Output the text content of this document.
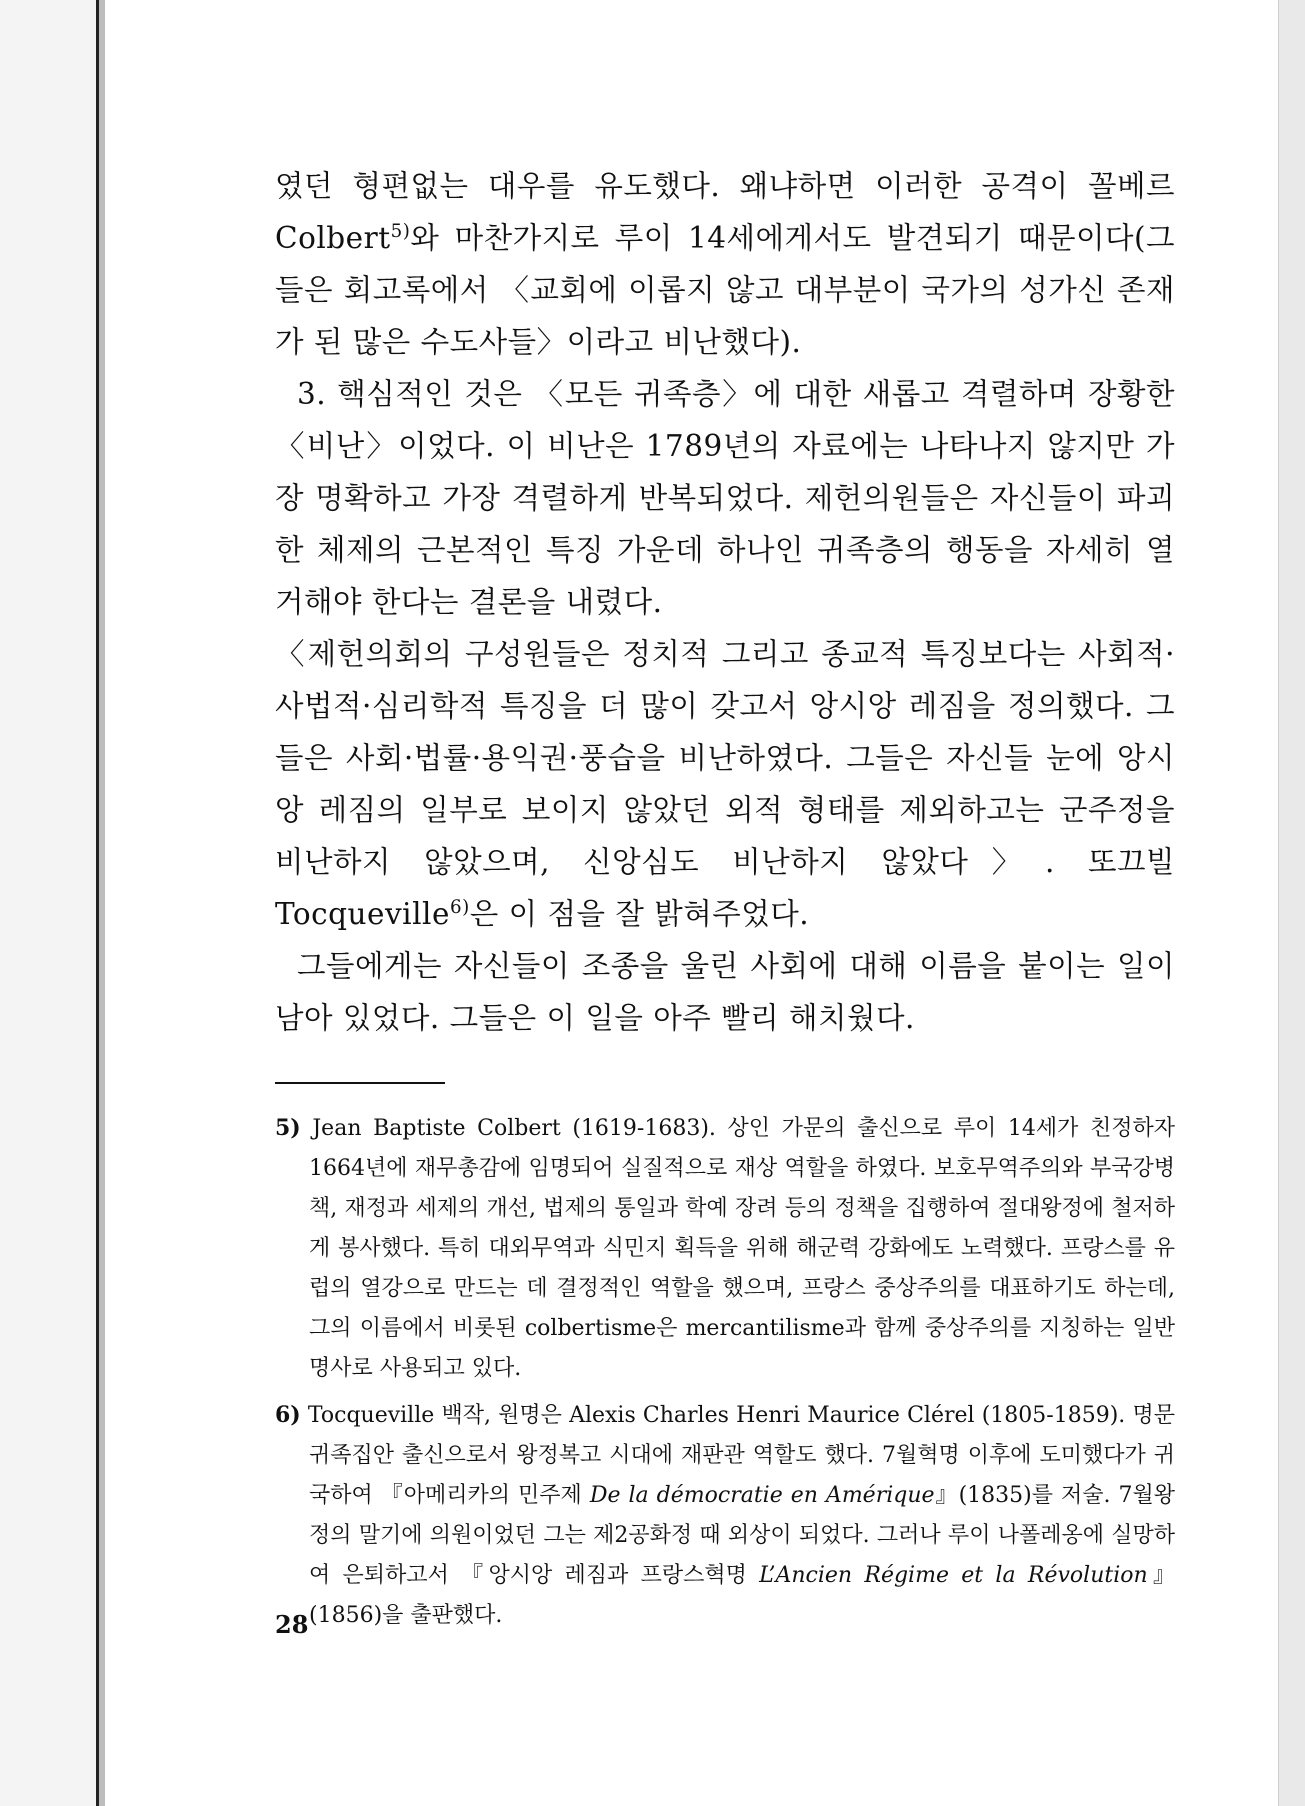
였던 형편없는 대우를 유도했다. 왜냐하면 이러한 공격이 꼴베르 Colbert$^{5)}$와 마찬가지로 루이 14세에게서도 발견되기 때문이다(그들은 회고록에서 〈교회에 이롭지 않고 대부분이 국가의 성가신 존재가 된 많은 수도사들〉이라고 비난했다).

3. 핵심적인 것은 〈모든 귀족층〉에 대한 새롭고 격렬하며 장황한 〈비난〉이었다. 이 비난은 1789년의 자료에는 나타나지 않지만 가장 명확하고 가장 격렬하게 반복되었다. 제헌의원들은 자신들이 파괴한 체제의 근본적인 특징 가운데 하나인 귀족층의 행동을 자세히 열거해야 한다는 결론을 내렸다.

〈제헌의회의 구성원들은 정치적 그리고 종교적 특징보다는 사회적·사법적·심리학적 특징을 더 많이 갖고서 앙시앙 레짐을 정의했다. 그들은 사회·법률·용익권·풍습을 비난하였다. 그들은 자신들 눈에 앙시앙 레짐의 일부로 보이지 않았던 외적 형태를 제외하고는 군주정을 비난하지 않았으며, 신앙심도 비난하지 않았다〉. 또끄빌 Tocqueville$^{6)}$은 이 점을 잘 밝혀주었다.

그들에게는 자신들이 조종을 울린 사회에 대해 이름을 붙이는 일이 남아 있었다. 그들은 이 일을 아주 빨리 해치웠다.

5) Jean Baptiste Colbert (1619-1683). 상인 가문의 출신으로 루이 14세가 친정하자 1664년에 재무총감에 임명되어 실질적으로 재상 역할을 하였다. 보호무역주의와 부국강병책, 재정과 세제의 개선, 법제의 통일과 학예 장려 등의 정책을 집행하여 절대왕정에 철저하게 봉사했다. 특히 대외무역과 식민지 획득을 위해 해군력 강화에도 노력했다. 프랑스를 유럽의 열강으로 만드는 데 결정적인 역할을 했으며, 프랑스 중상주의를 대표하기도 하는데, 그의 이름에서 비롯된 colbertisme은 mercantilisme과 함께 중상주의를 지칭하는 일반명사로 사용되고 있다.

6) Tocqueville 백작, 원명은 Alexis Charles Henri Maurice Clérel (1805-1859). 명문 귀족집안 출신으로서 왕정복고 시대에 재판관 역할도 했다. 7월혁명 이후에 도미했다가 귀국하여 『아메리카의 민주제 De la démocratie en Amérique』(1835)를 저술. 7월왕정의 말기에 의원이었던 그는 제2공화정 때 외상이 되었다. 그러나 루이 나폴레옹에 실망하여 은퇴하고서 『앙시앙 레짐과 프랑스혁명 L’Ancien Régime et la Révolution』(1856)을 출판했다.

28
